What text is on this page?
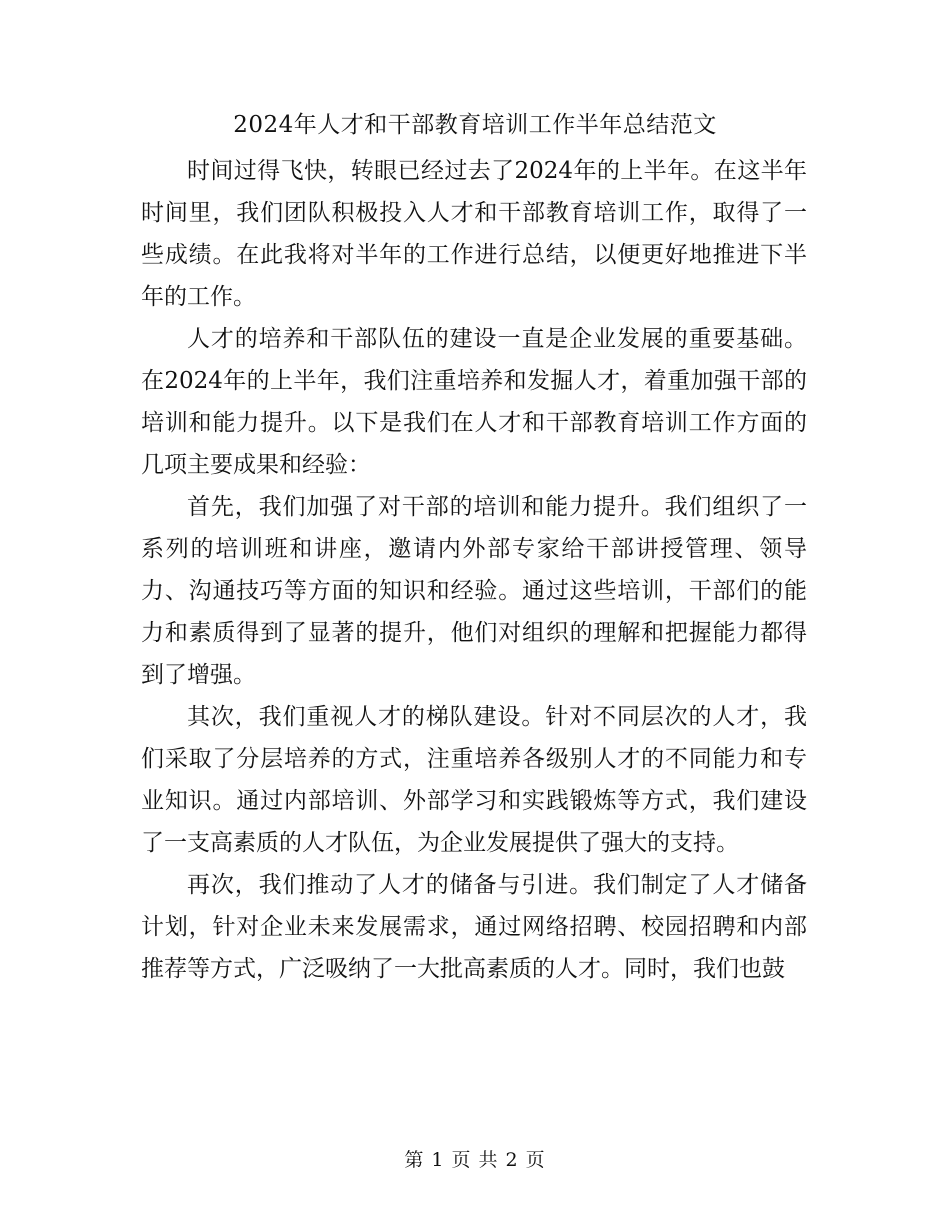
2024年人才和干部教育培训工作半年总结范文

时间过得飞快，转眼已经过去了2024年的上半年。在这半年时间里，我们团队积极投入人才和干部教育培训工作，取得了一些成绩。在此我将对半年的工作进行总结，以便更好地推进下半年的工作。

人才的培养和干部队伍的建设一直是企业发展的重要基础。在2024年的上半年，我们注重培养和发掘人才，着重加强干部的培训和能力提升。以下是我们在人才和干部教育培训工作方面的几项主要成果和经验：

首先，我们加强了对干部的培训和能力提升。我们组织了一系列的培训班和讲座，邀请内外部专家给干部讲授管理、领导力、沟通技巧等方面的知识和经验。通过这些培训，干部们的能力和素质得到了显著的提升，他们对组织的理解和把握能力都得到了增强。

其次，我们重视人才的梯队建设。针对不同层次的人才，我们采取了分层培养的方式，注重培养各级别人才的不同能力和专业知识。通过内部培训、外部学习和实践锻炼等方式，我们建设了一支高素质的人才队伍，为企业发展提供了强大的支持。

再次，我们推动了人才的储备与引进。我们制定了人才储备计划，针对企业未来发展需求，通过网络招聘、校园招聘和内部推荐等方式，广泛吸纳了一大批高素质的人才。同时，我们也鼓

第 1 页 共 2 页
